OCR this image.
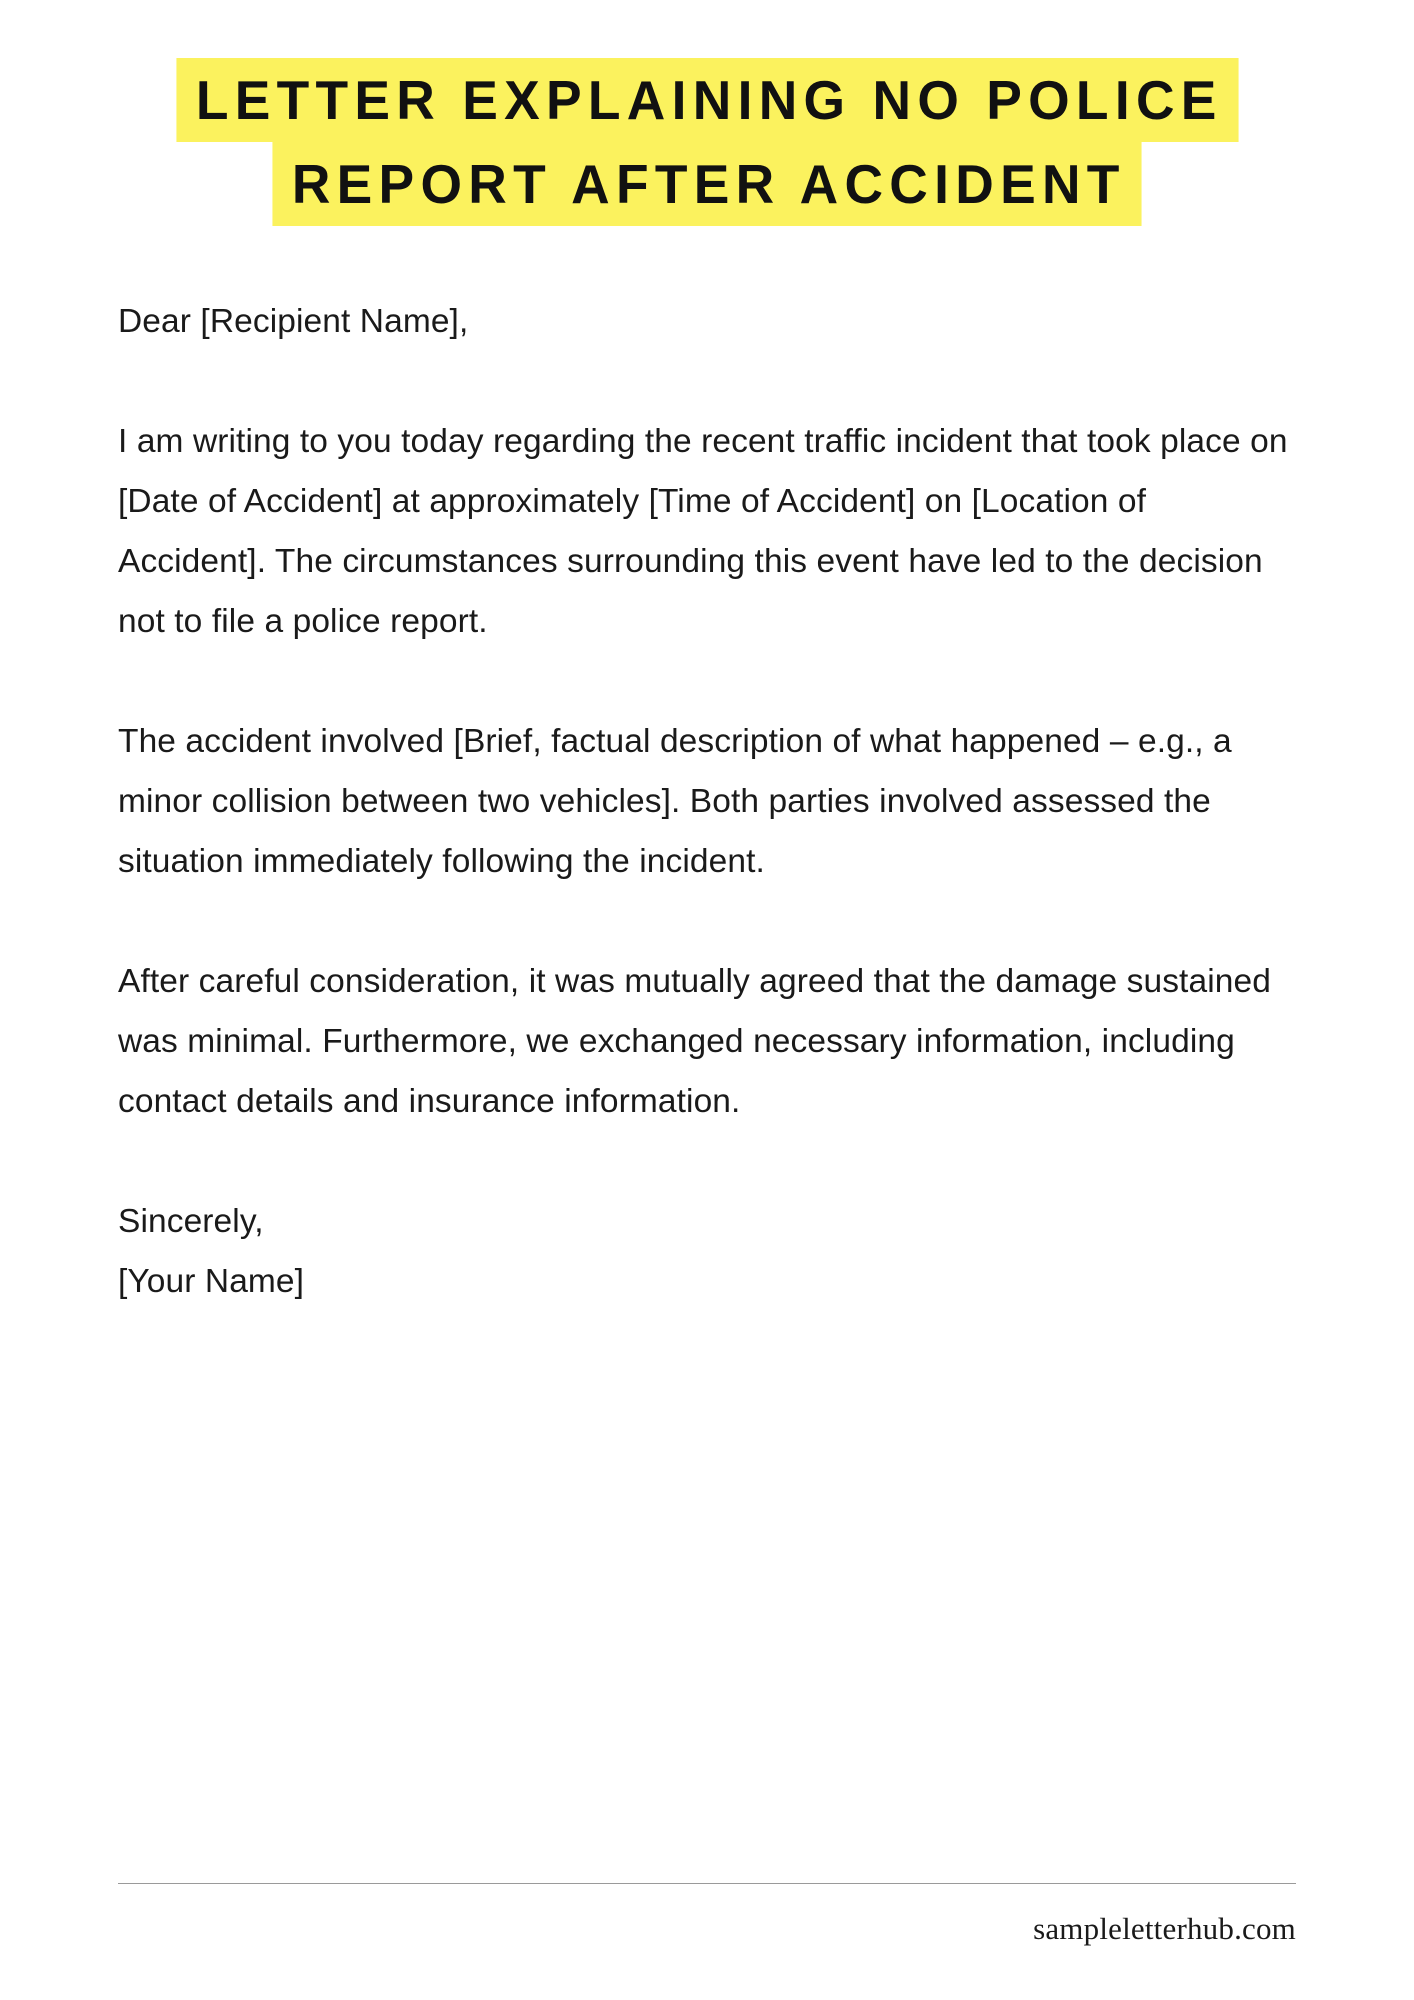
LETTER EXPLAINING NO POLICE
REPORT AFTER ACCIDENT

Dear [Recipient Name],

I am writing to you today regarding the recent traffic incident that took place on [Date of Accident] at approximately [Time of Accident] on [Location of Accident]. The circumstances surrounding this event have led to the decision not to file a police report.

The accident involved [Brief, factual description of what happened – e.g., a minor collision between two vehicles]. Both parties involved assessed the situation immediately following the incident.

After careful consideration, it was mutually agreed that the damage sustained was minimal. Furthermore, we exchanged necessary information, including contact details and insurance information.

Sincerely,

[Your Name]

sampleletterhub.com
